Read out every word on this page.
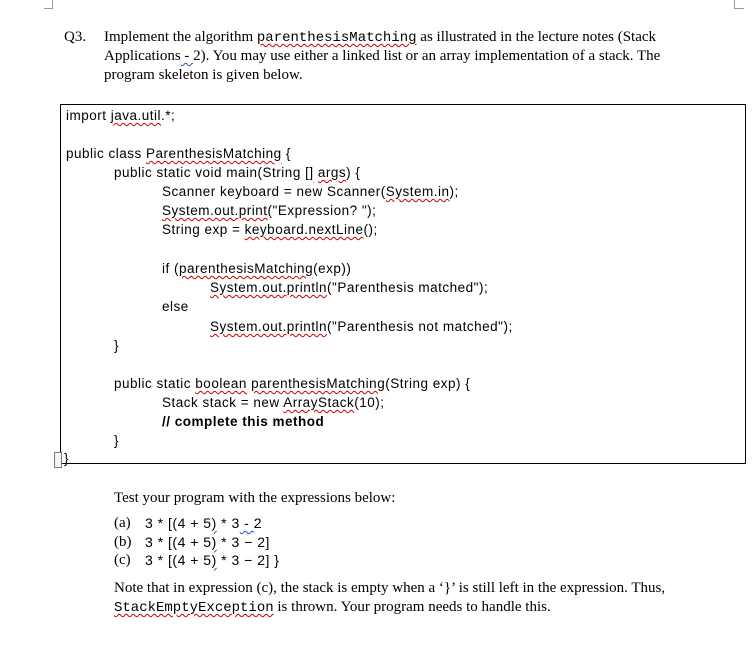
Q3. Implement the algorithm parenthesisMatching as illustrated in the lecture notes (Stack
Applications - 2). You may use either a linked list or an array implementation of a stack. The
program skeleton is given below.
import java.util.*;
public class ParenthesisMatching {
public static void main(String [] args) {
Scanner keyboard = new Scanner(System.in);
System.out.print("Expression? ");
String exp = keyboard.nextLine();
if (parenthesisMatching(exp))
System.out.println("Parenthesis matched");
else
System.out.println("Parenthesis not matched");
}
public static boolean parenthesisMatching(String exp) {
Stack stack = new ArrayStack(10);
// complete this method
}
}
Test your program with the expressions below:
(a) 3 * [(4 + 5) * 3 - 2
(b) 3 * [(4 + 5) * 3 − 2]
(c) 3 * [(4 + 5) * 3 − 2] }
Note that in expression (c), the stack is empty when a ‘}’ is still left in the expression. Thus,
StackEmptyException is thrown. Your program needs to handle this.
